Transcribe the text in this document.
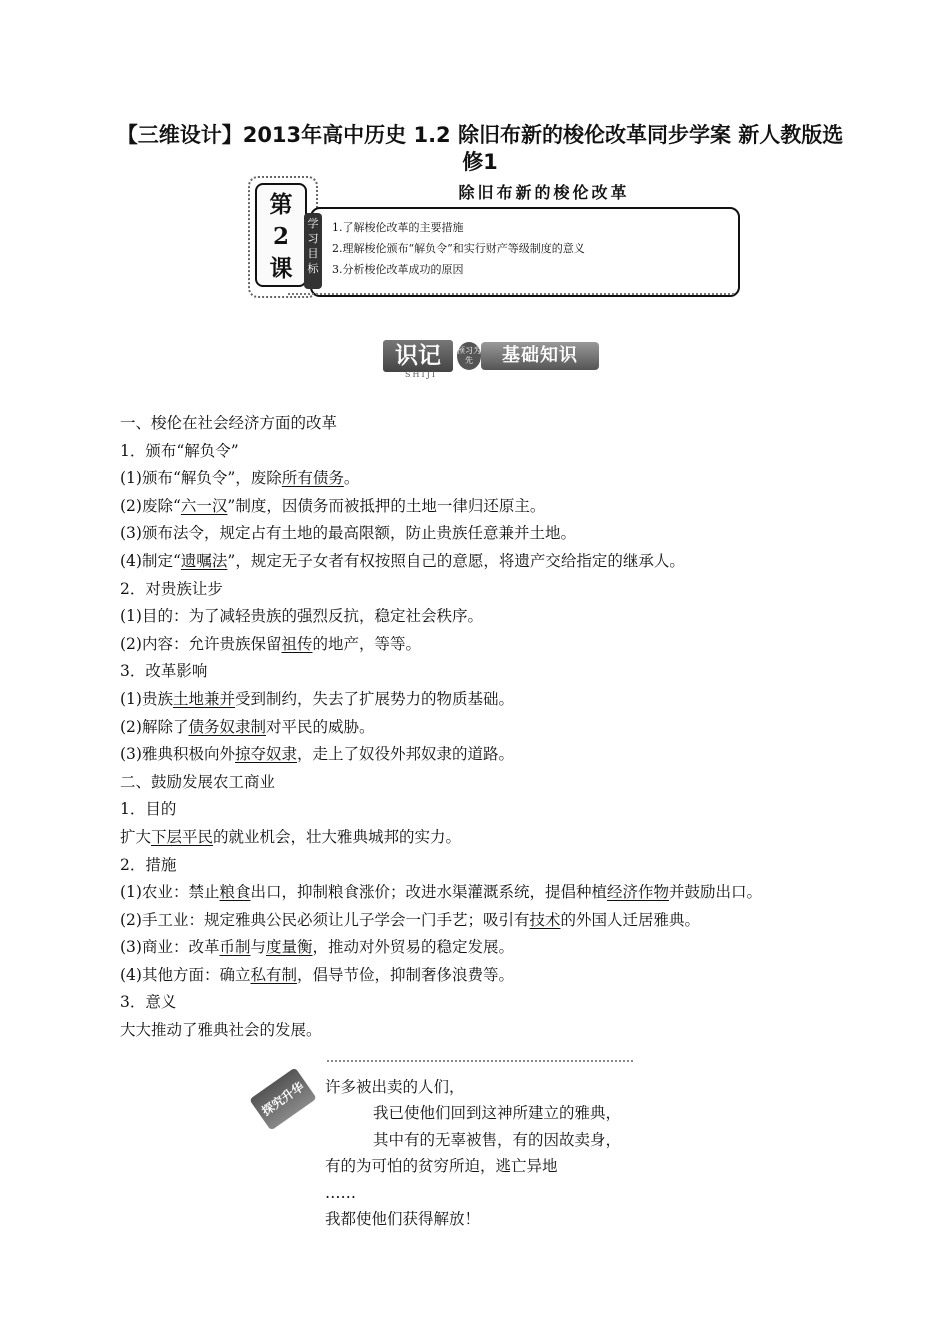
【三维设计】2013年高中历史 1.2 除旧布新的梭伦改革同步学案 新人教版选
修1
第
2
课
除旧布新的梭伦改革
学习目标
1.了解梭伦改革的主要措施
2.理解梭伦颁布“解负令”和实行财产等级制度的意义
3.分析梭伦改革成功的原因
识记
SHIJI
预习为先	基础知识
一、梭伦在社会经济方面的改革
1．颁布“解负令”
(1)颁布“解负令”，废除所有债务。
(2)废除“六一汉”制度，因债务而被抵押的土地一律归还原主。
(3)颁布法令，规定占有土地的最高限额，防止贵族任意兼并土地。
(4)制定“遗嘱法”，规定无子女者有权按照自己的意愿，将遗产交给指定的继承人。
2．对贵族让步
(1)目的：为了减轻贵族的强烈反抗，稳定社会秩序。
(2)内容：允许贵族保留祖传的地产，等等。
3．改革影响
(1)贵族土地兼并受到制约，失去了扩展势力的物质基础。
(2)解除了债务奴隶制对平民的威胁。
(3)雅典积极向外掠夺奴隶，走上了奴役外邦奴隶的道路。
二、鼓励发展农工商业
1．目的
扩大下层平民的就业机会，壮大雅典城邦的实力。
2．措施
(1)农业：禁止粮食出口，抑制粮食涨价；改进水渠灌溉系统，提倡种植经济作物并鼓励出口。
(2)手工业：规定雅典公民必须让儿子学会一门手艺；吸引有技术的外国人迁居雅典。
(3)商业：改革币制与度量衡，推动对外贸易的稳定发展。
(4)其他方面：确立私有制，倡导节俭，抑制奢侈浪费等。
3．意义
大大推动了雅典社会的发展。
探究升华	许多被出卖的人们，
我已使他们回到这神所建立的雅典，
其中有的无辜被售，有的因故卖身，
有的为可怕的贫穷所迫，逃亡异地
……
我都使他们获得解放！
